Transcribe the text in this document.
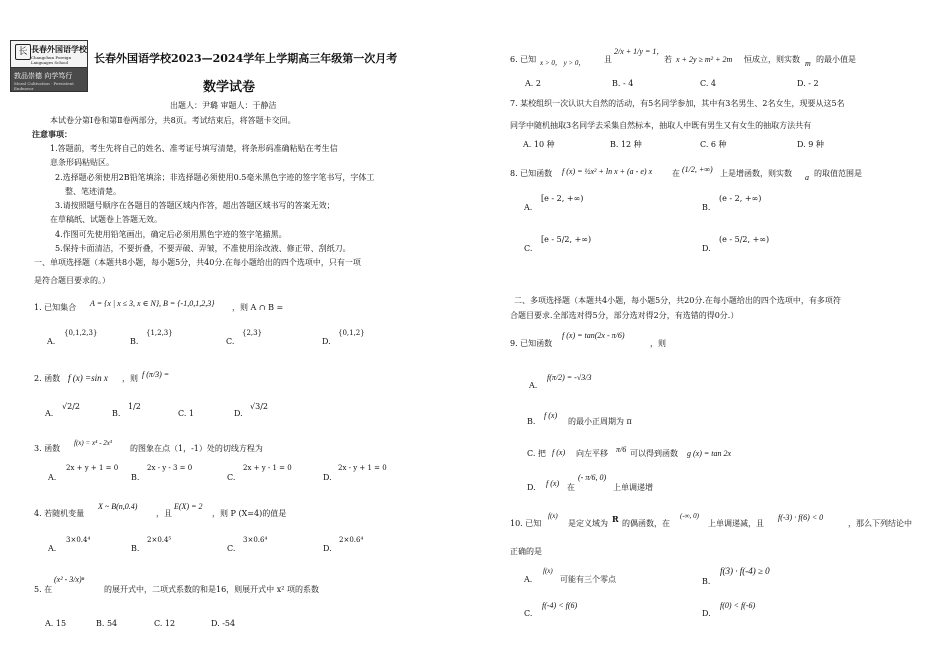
长 長春外国语学校
Changchun Foreign Languages School
敦品崇德 向学笃行
Moral Cultivation · Persistent Endeavor
长春外国语学校2023—2024学年上学期高三年级第一次月考
数学试卷
出题人：尹璐 审题人：于静洁
本试卷分第Ⅰ卷和第Ⅱ卷两部分，共8页。考试结束后，将答题卡交回。
注意事项：
1.答题前，考生先将自己的姓名、准考证号填写清楚，将条形码准确粘贴在考生信
息条形码粘贴区。
2.选择题必须使用2B铅笔填涂；非选择题必须使用0.5毫米黑色字迹的签字笔书写，字体工
整、笔迹清楚。
3.请按照题号顺序在各题目的答题区域内作答，超出答题区域书写的答案无效；
在草稿纸、试题卷上答题无效。
4.作图可先使用铅笔画出，确定后必须用黑色字迹的签字笔描黑。
5.保持卡面清洁，不要折叠，不要弄破、弄皱，不准使用涂改液、修正带、刮纸刀。
一、单项选择题（本题共8小题，每小题5分，共40分.在每小题给出的四个选项中，只有一项
是符合题目要求的。）
1. 已知集合 A = {x | x ≤ 3, x ∈ N}, B = {-1,0,1,2,3} ，则 A ∩ B =
A.
{0,1,2,3}
B.
{1,2,3}
C.
{2,3}
D.
{0,1,2}
2. 函数 f (x) =sin x ，则 f (π/3) =
A.
√2/2
B.
1/2
C. 1	D.
√3/2
3. 函数
f(x) = x⁴ - 2x³
的图象在点（1，-1）处的切线方程为
A.
2x + y + 1 = 0
B.
2x - y - 3 = 0
C.
2x + y - 1 = 0
D.
2x - y + 1 = 0
4. 若随机变量
X ~ B(n,0.4)
，且
E(X) = 2
，则 P (X=4)的值是
A.
3×0.4⁴
B.
2×0.4⁵
C.
3×0.6⁴
D.
2×0.6⁴
5. 在
(x² - 3/x)ⁿ
的展开式中，二项式系数的和是16，则展开式中 x² 项的系数
A. 15	B. 54	C. 12	D. -54
6. 已知 x > 0， y > 0， 且
2/x + 1/y = 1，
若 x + 2y ≥ m² + 2m 恒成立，则实数 m 的最小值是
A. 2	B. - 4	C. 4	D. - 2
7. 某校组织一次认识大自然的活动，有5名同学参加，其中有3名男生、2名女生，现要从这5名
同学中随机抽取3名同学去采集自然标本，抽取人中既有男生又有女生的抽取方法共有
A. 10 种	B. 12 种	C. 6 种	D. 9 种
8. 已知函数 f (x) = ½x² + ln x + (a - e) x 在 (1/2, +∞) 上是增函数，则实数 a 的取值范围是
A.
[e - 2, +∞)
B.
(e - 2, +∞)
C.
[e - 5/2, +∞)
D.
(e - 5/2, +∞)
二、多项选择题（本题共4小题，每小题5分，共20分.在每小题给出的四个选项中，有多项符
合题目要求.全部选对得5分，部分选对得2分，有选错的得0分.）
9. 已知函数
f (x) = tan(2x - π/6)
，则
A.
f(π/2) = -√3/3
B.
f (x)
的最小正周期为 π
C. 把 f (x) 向左平移 π/6 可以得到函数 g (x) = tan 2x
D. f (x) 在
(- π/6, 0)
上单调递增
10. 已知
f(x)
是定义域为 R 的偶函数，在
(-∞, 0)
上单调递减，且
f(-3) · f(6) < 0
，那么下列结论中
正确的是
A.
f(x)
可能有三个零点	B.
f(3) · f(-4) ≥ 0
C.
f(-4) < f(6)
D.
f(0) < f(-6)
